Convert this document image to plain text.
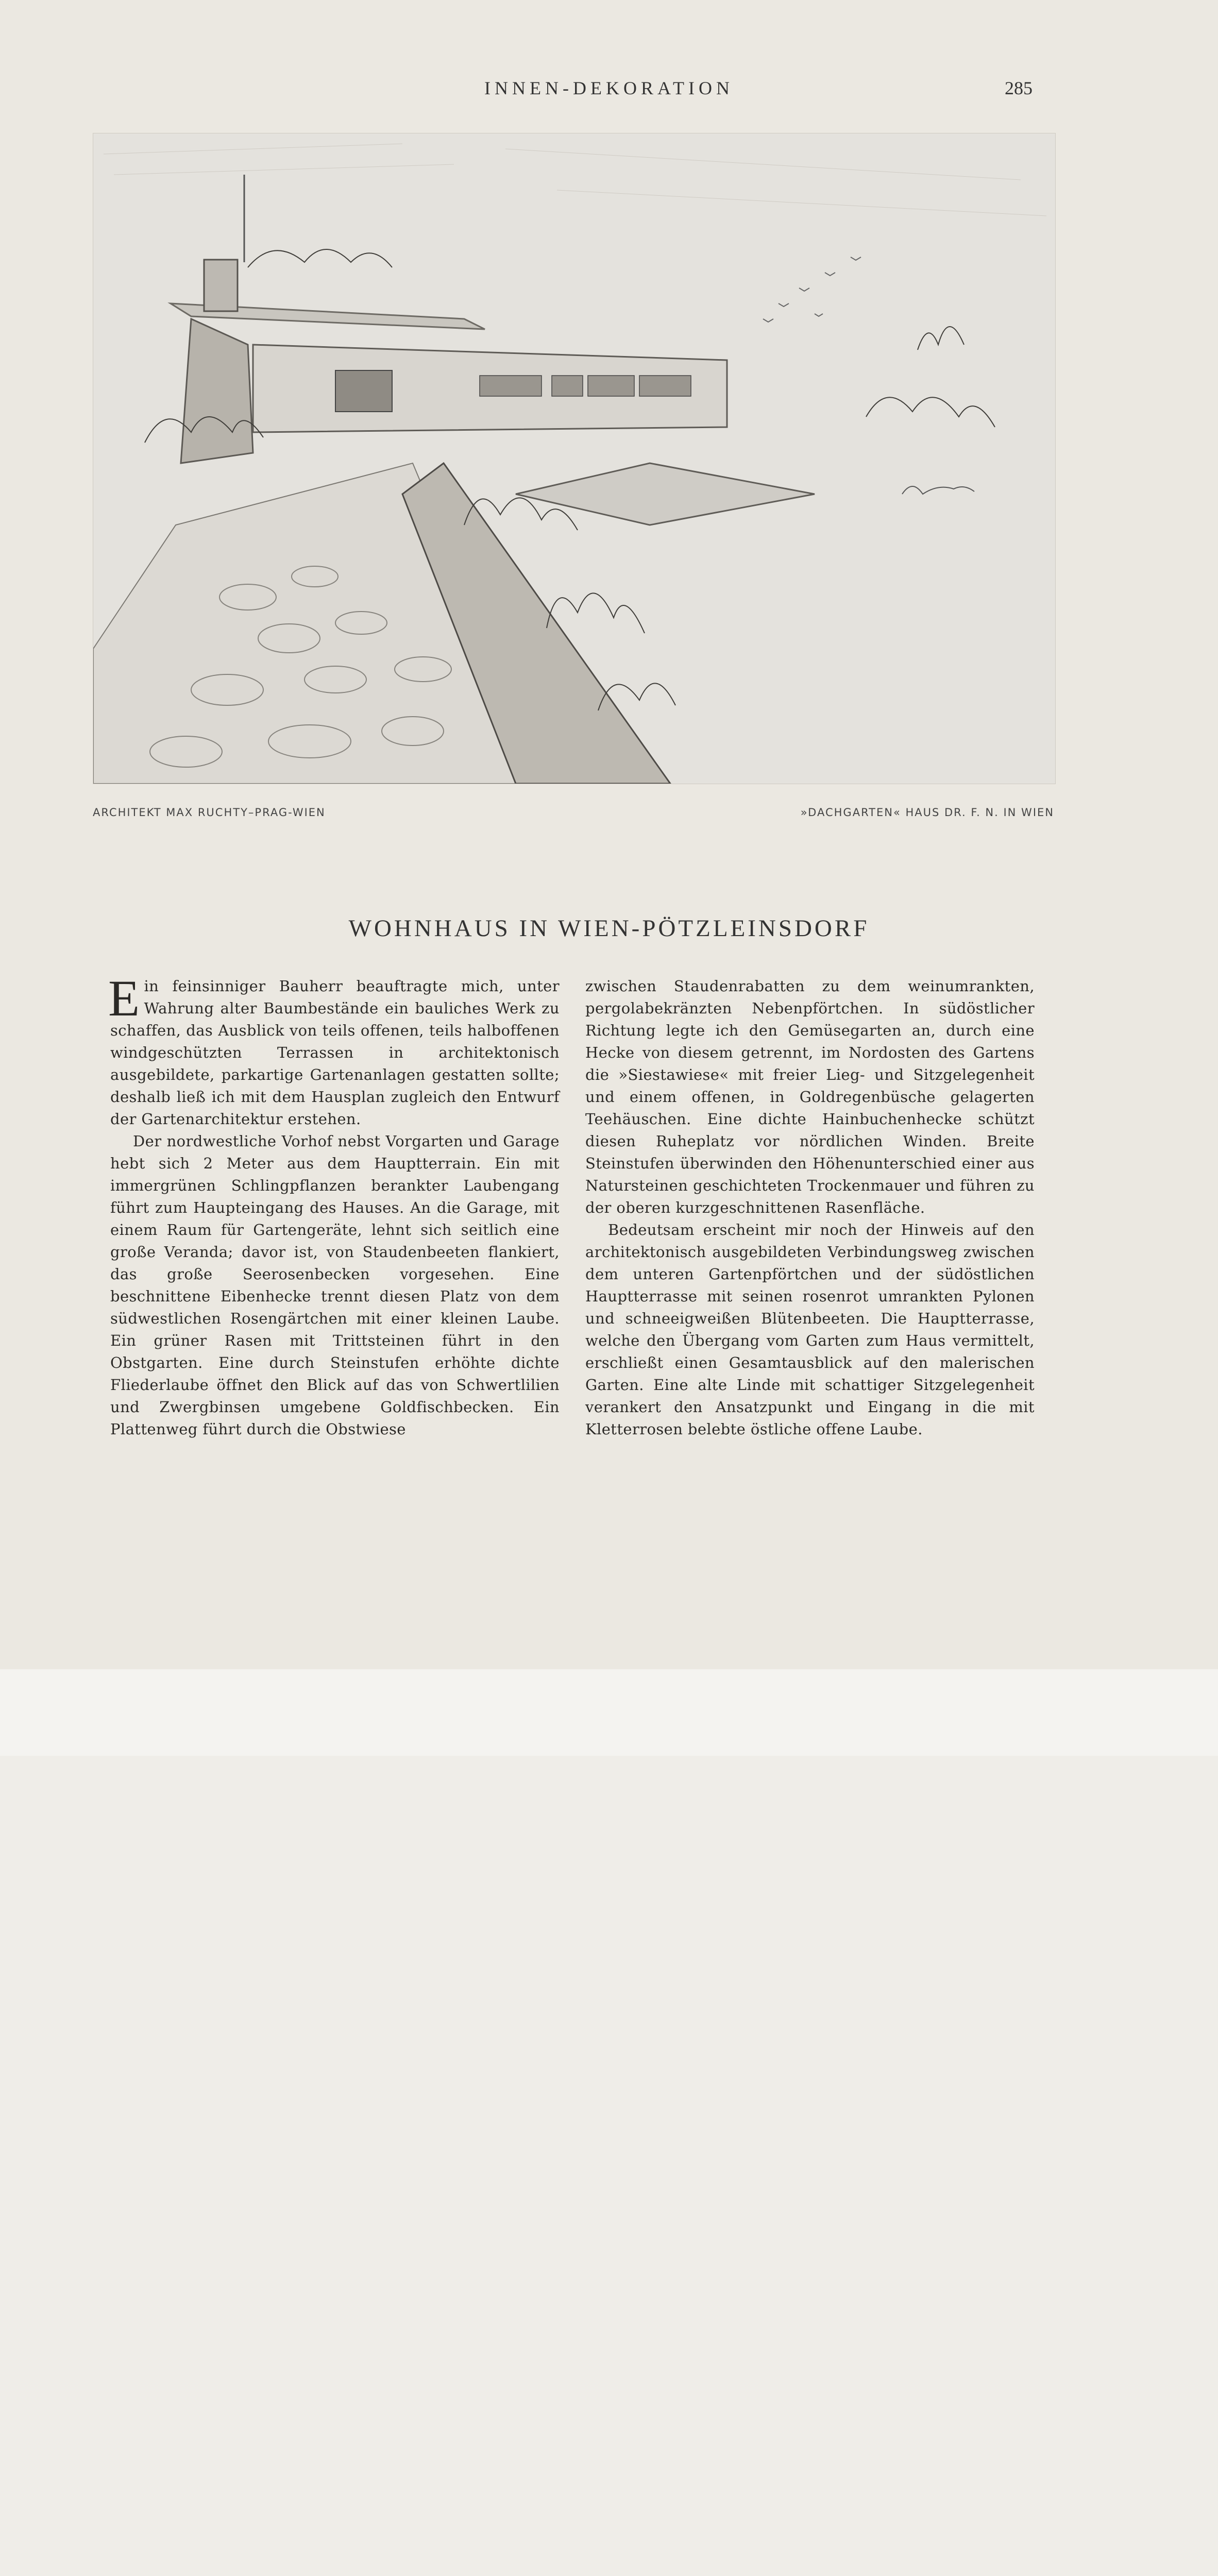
INNEN-DEKORATION	285
ARCHITEKT MAX RUCHTY–PRAG-WIEN	»DACHGARTEN« HAUS DR. F. N. IN WIEN
WOHNHAUS IN WIEN-PÖTZLEINSDORF

Ein feinsinniger Bauherr beauftragte mich, unter Wahrung alter Baumbestände ein bauliches Werk zu schaffen, das Ausblick von teils offenen, teils halboffenen windgeschützten Terrassen in architektonisch ausgebildete, parkartige Gartenanlagen gestatten sollte; deshalb ließ ich mit dem Hausplan zugleich den Entwurf der Gartenarchitektur erstehen.

Der nordwestliche Vorhof nebst Vorgarten und Garage hebt sich 2 Meter aus dem Hauptterrain. Ein mit immergrünen Schlingpflanzen berankter Laubengang führt zum Haupteingang des Hauses. An die Garage, mit einem Raum für Gartengeräte, lehnt sich seitlich eine große Veranda; davor ist, von Staudenbeeten flankiert, das große Seerosenbecken vorgesehen. Eine beschnittene Eibenhecke trennt diesen Platz von dem südwestlichen Rosengärtchen mit einer kleinen Laube. Ein grüner Rasen mit Trittsteinen führt in den Obstgarten. Eine durch Steinstufen erhöhte dichte Fliederlaube öffnet den Blick auf das von Schwertlilien und Zwergbinsen umgebene Goldfischbecken. Ein Plattenweg führt durch die Obstwiese

zwischen Staudenrabatten zu dem weinumrankten, pergolabekränzten Nebenpförtchen. In südöstlicher Richtung legte ich den Gemüsegarten an, durch eine Hecke von diesem getrennt, im Nordosten des Gartens die »Siestawiese« mit freier Lieg- und Sitzgelegenheit und einem offenen, in Goldregenbüsche gelagerten Teehäuschen. Eine dichte Hainbuchenhecke schützt diesen Ruheplatz vor nördlichen Winden. Breite Steinstufen überwinden den Höhenunterschied einer aus Natursteinen geschichteten Trockenmauer und führen zu der oberen kurzgeschnittenen Rasenfläche.

Bedeutsam erscheint mir noch der Hinweis auf den architektonisch ausgebildeten Verbindungsweg zwischen dem unteren Gartenpförtchen und der südöstlichen Hauptterrasse mit seinen rosenrot umrankten Pylonen und schneeigweißen Blütenbeeten. Die Hauptterrasse, welche den Übergang vom Garten zum Haus vermittelt, erschließt einen Gesamtausblick auf den malerischen Garten. Eine alte Linde mit schattiger Sitzgelegenheit verankert den Ansatzpunkt und Eingang in die mit Kletterrosen belebte östliche offene Laube.
